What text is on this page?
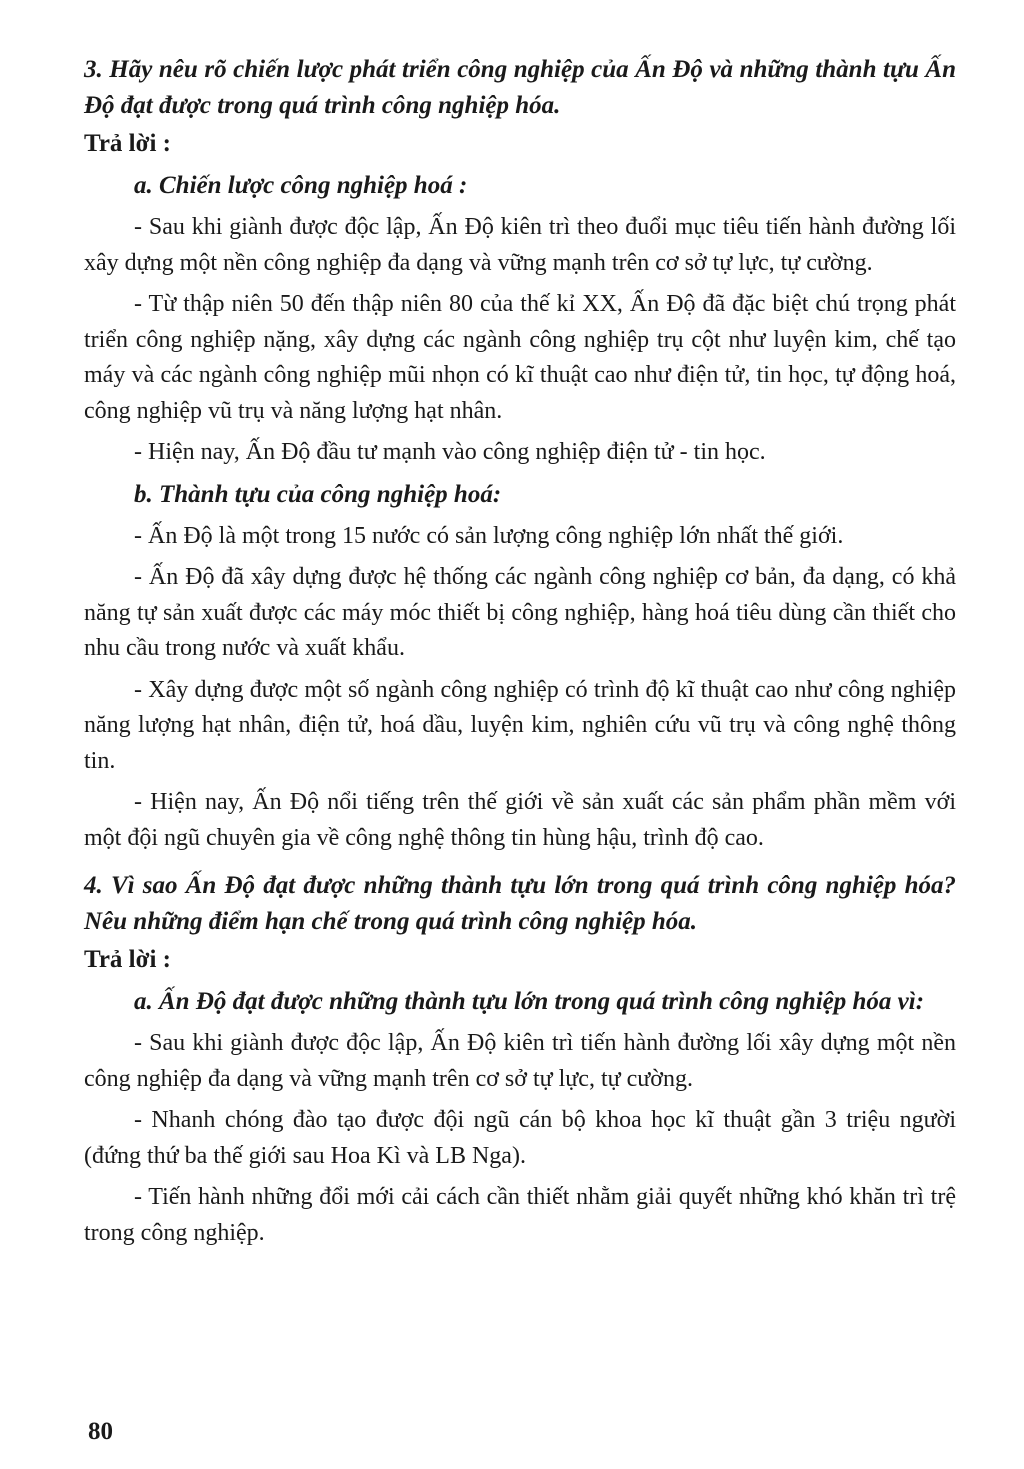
3. Hãy nêu rõ chiến lược phát triển công nghiệp của Ấn Độ và những thành tựu Ấn Độ đạt được trong quá trình công nghiệp hóa.

Trả lời :

a. Chiến lược công nghiệp hoá :

- Sau khi giành được độc lập, Ấn Độ kiên trì theo đuổi mục tiêu tiến hành đường lối xây dựng một nền công nghiệp đa dạng và vững mạnh trên cơ sở tự lực, tự cường.

- Từ thập niên 50 đến thập niên 80 của thế kỉ XX, Ấn Độ đã đặc biệt chú trọng phát triển công nghiệp nặng, xây dựng các ngành công nghiệp trụ cột như luyện kim, chế tạo máy và các ngành công nghiệp mũi nhọn có kĩ thuật cao như điện tử, tin học, tự động hoá, công nghiệp vũ trụ và năng lượng hạt nhân.

- Hiện nay, Ấn Độ đầu tư mạnh vào công nghiệp điện tử - tin học.

b. Thành tựu của công nghiệp hoá:

- Ấn Độ là một trong 15 nước có sản lượng công nghiệp lớn nhất thế giới.

- Ấn Độ đã xây dựng được hệ thống các ngành công nghiệp cơ bản, đa dạng, có khả năng tự sản xuất được các máy móc thiết bị công nghiệp, hàng hoá tiêu dùng cần thiết cho nhu cầu trong nước và xuất khẩu.

- Xây dựng được một số ngành công nghiệp có trình độ kĩ thuật cao như công nghiệp năng lượng hạt nhân, điện tử, hoá dầu, luyện kim, nghiên cứu vũ trụ và công nghệ thông tin.

- Hiện nay, Ấn Độ nổi tiếng trên thế giới về sản xuất các sản phẩm phần mềm với một đội ngũ chuyên gia về công nghệ thông tin hùng hậu, trình độ cao.

4. Vì sao Ấn Độ đạt được những thành tựu lớn trong quá trình công nghiệp hóa? Nêu những điểm hạn chế trong quá trình công nghiệp hóa.

Trả lời :

a. Ấn Độ đạt được những thành tựu lớn trong quá trình công nghiệp hóa vì:

- Sau khi giành được độc lập, Ấn Độ kiên trì tiến hành đường lối xây dựng một nền công nghiệp đa dạng và vững mạnh trên cơ sở tự lực, tự cường.

- Nhanh chóng đào tạo được đội ngũ cán bộ khoa học kĩ thuật gần 3 triệu người (đứng thứ ba thế giới sau Hoa Kì và LB Nga).

- Tiến hành những đổi mới cải cách cần thiết nhằm giải quyết những khó khăn trì trệ trong công nghiệp.

80
